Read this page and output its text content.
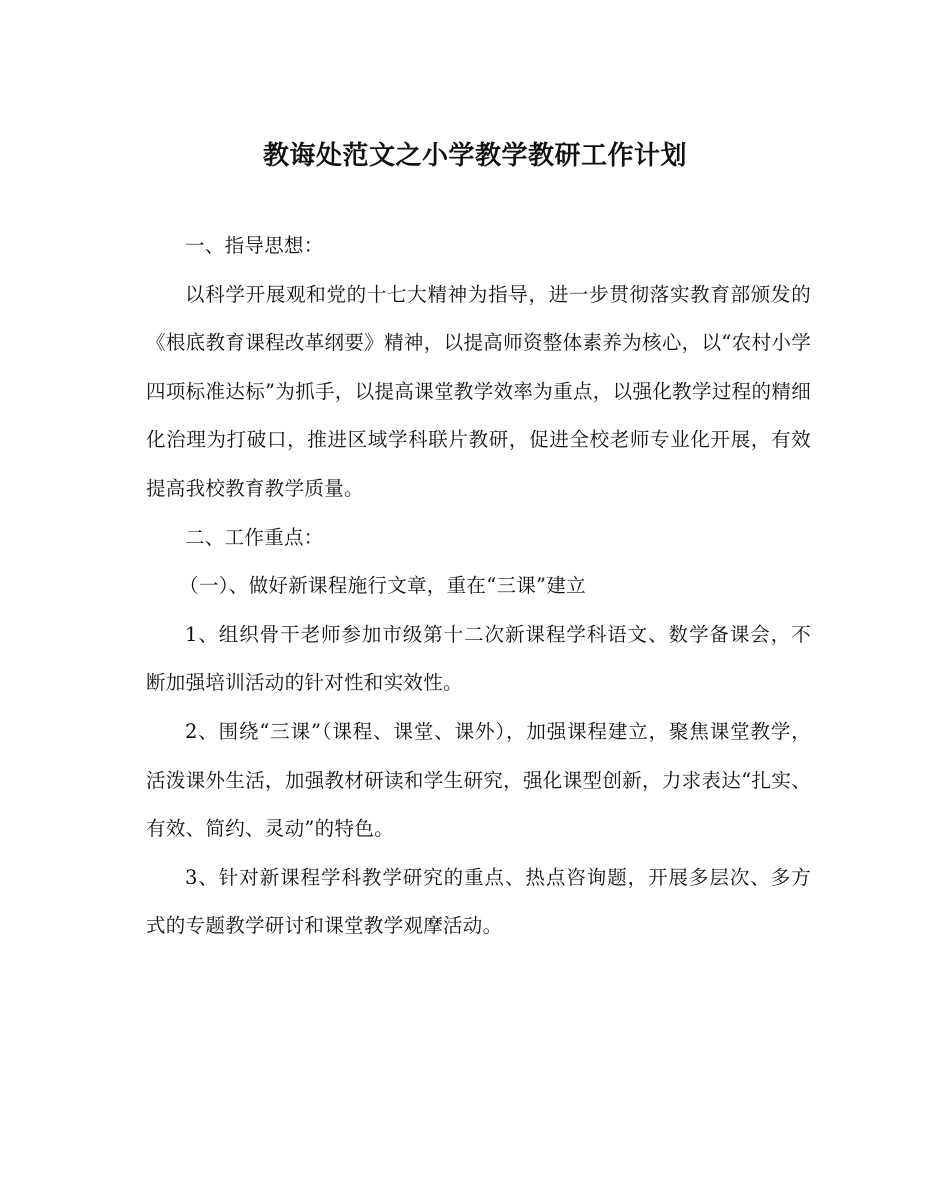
教诲处范文之小学教学教研工作计划

一、指导思想：

以科学开展观和党的十七大精神为指导，进一步贯彻落实教育部颁发的《根底教育课程改革纲要》精神，以提高师资整体素养为核心，以“农村小学四项标准达标”为抓手，以提高课堂教学效率为重点，以强化教学过程的精细化治理为打破口，推进区域学科联片教研，促进全校老师专业化开展，有效提高我校教育教学质量。

二、工作重点：

（一）、做好新课程施行文章，重在“三课”建立

1、组织骨干老师参加市级第十二次新课程学科语文、数学备课会，不断加强培训活动的针对性和实效性。

2、围绕“三课”（课程、课堂、课外），加强课程建立，聚焦课堂教学，活泼课外生活，加强教材研读和学生研究，强化课型创新，力求表达“扎实、有效、简约、灵动”的特色。

3、针对新课程学科教学研究的重点、热点咨询题，开展多层次、多方式的专题教学研讨和课堂教学观摩活动。
